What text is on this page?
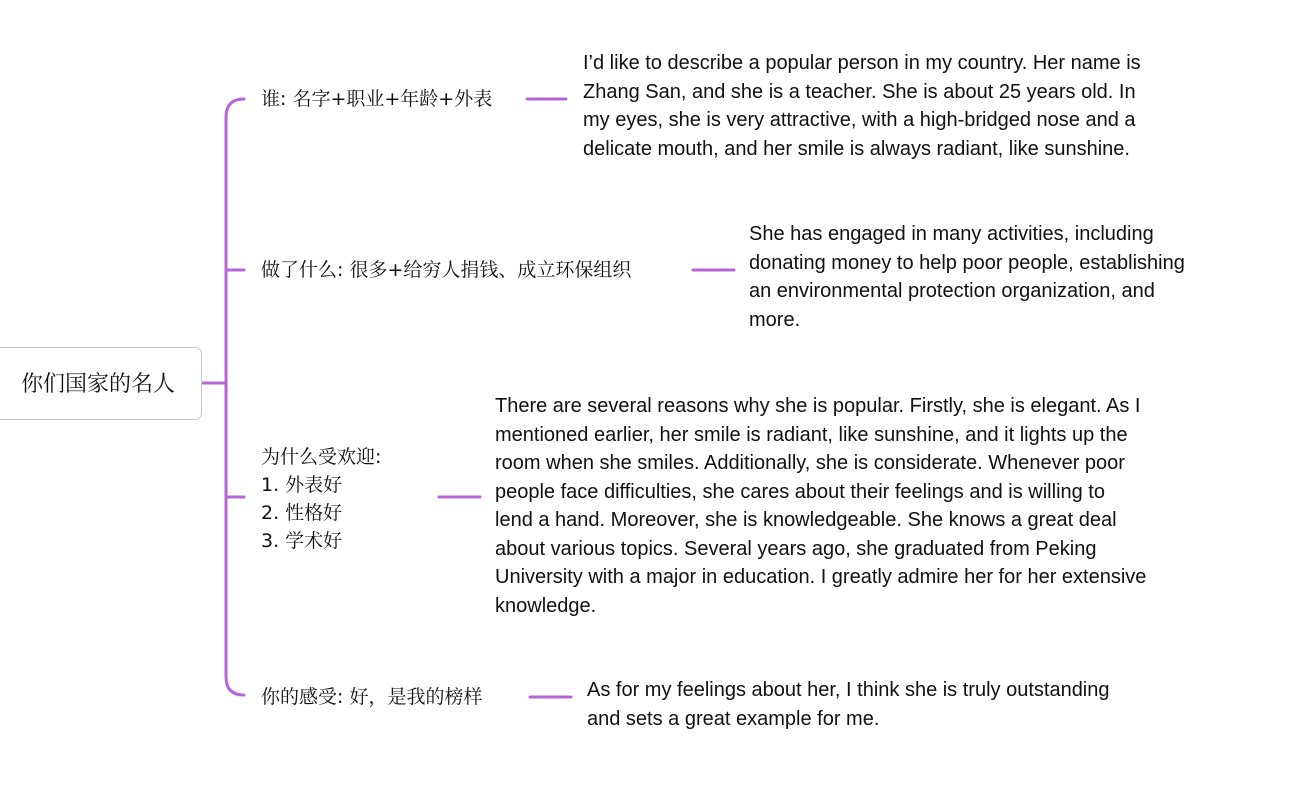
你们国家的名人
谁: 名字+职业+年龄+外表
I’d like to describe a popular person in my country. Her name is
Zhang San, and she is a teacher. She is about 25 years old. In
my eyes, she is very attractive, with a high-bridged nose and a
delicate mouth, and her smile is always radiant, like sunshine.
做了什么: 很多+给穷人捐钱、成立环保组织
She has engaged in many activities, including
donating money to help poor people, establishing
an environmental protection organization, and
more.
为什么受欢迎:
1. 外表好
2. 性格好
3. 学术好
There are several reasons why she is popular. Firstly, she is elegant. As I
mentioned earlier, her smile is radiant, like sunshine, and it lights up the
room when she smiles. Additionally, she is considerate. Whenever poor
people face difficulties, she cares about their feelings and is willing to
lend a hand. Moreover, she is knowledgeable. She knows a great deal
about various topics. Several years ago, she graduated from Peking
University with a major in education. I greatly admire her for her extensive
knowledge.
你的感受: 好，是我的榜样	As for my feelings about her, I think she is truly outstanding
and sets a great example for me.
